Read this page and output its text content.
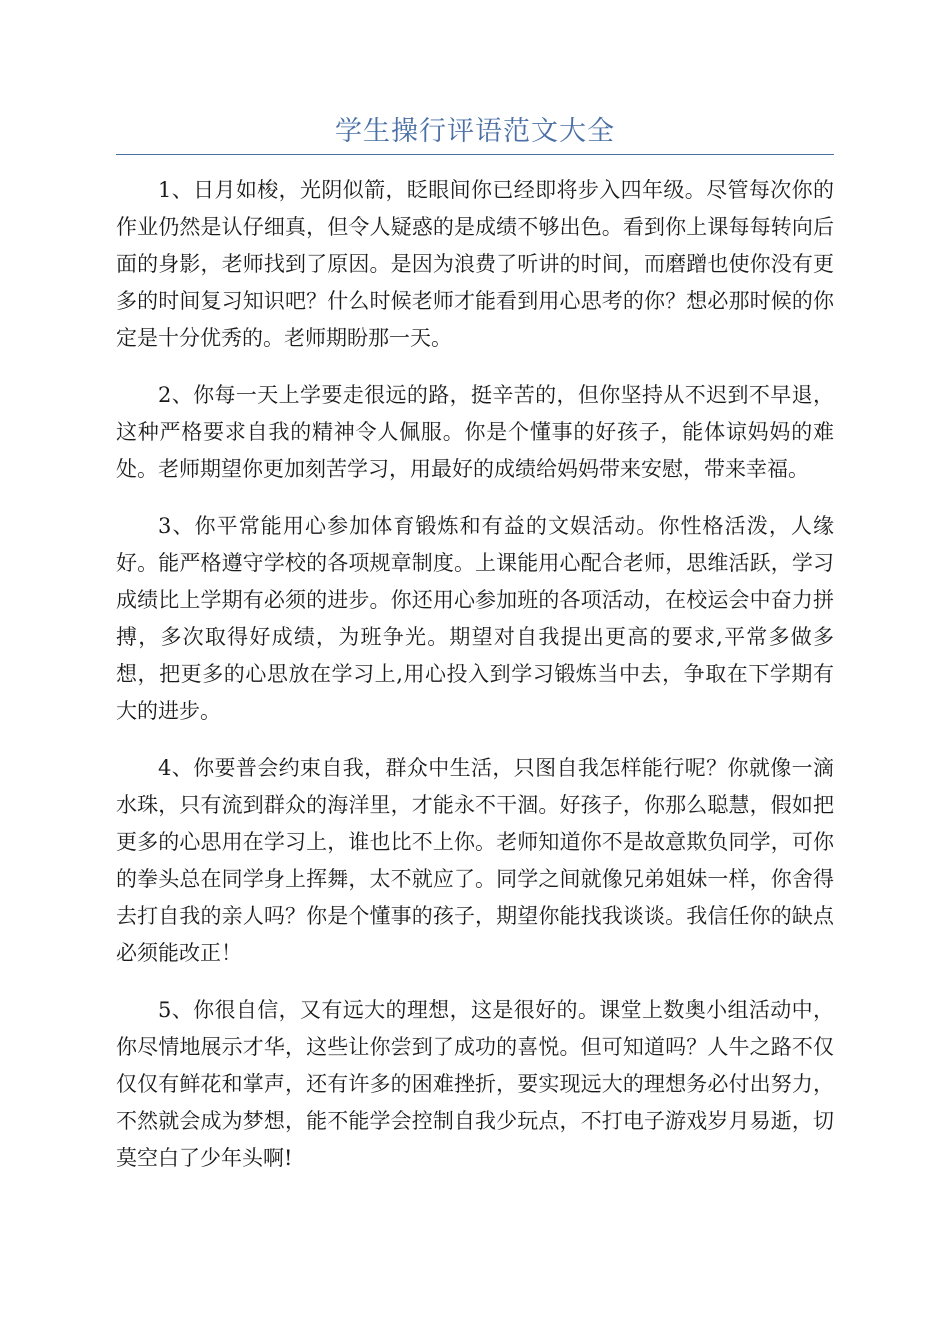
学生操行评语范文大全

1、日月如梭，光阴似箭，眨眼间你已经即将步入四年级。尽管每次你的作业仍然是认仔细真，但令人疑惑的是成绩不够出色。看到你上课每每转向后面的身影，老师找到了原因。是因为浪费了听讲的时间，而磨蹭也使你没有更多的时间复习知识吧？什么时候老师才能看到用心思考的你？想必那时候的你定是十分优秀的。老师期盼那一天。

2、你每一天上学要走很远的路，挺辛苦的，但你坚持从不迟到不早退，这种严格要求自我的精神令人佩服。你是个懂事的好孩子，能体谅妈妈的难处。老师期望你更加刻苦学习，用最好的成绩给妈妈带来安慰，带来幸福。

3、你平常能用心参加体育锻炼和有益的文娱活动。你性格活泼，人缘好。能严格遵守学校的各项规章制度。上课能用心配合老师，思维活跃，学习成绩比上学期有必须的进步。你还用心参加班的各项活动，在校运会中奋力拼搏，多次取得好成绩，为班争光。期望对自我提出更高的要求,平常多做多想，把更多的心思放在学习上,用心投入到学习锻炼当中去，争取在下学期有大的进步。

4、你要普会约束自我，群众中生活，只图自我怎样能行呢？你就像一滴水珠，只有流到群众的海洋里，才能永不干涸。好孩子，你那么聪慧，假如把更多的心思用在学习上，谁也比不上你。老师知道你不是故意欺负同学，可你的拳头总在同学身上挥舞，太不就应了。同学之间就像兄弟姐妹一样，你舍得去打自我的亲人吗？你是个懂事的孩子，期望你能找我谈谈。我信任你的缺点必须能改正！

5、你很自信，又有远大的理想，这是很好的。课堂上数奥小组活动中，你尽情地展示才华，这些让你尝到了成功的喜悦。但可知道吗？人牛之路不仅仅仅有鲜花和掌声，还有许多的困难挫折，要实现远大的理想务必付出努力，不然就会成为梦想，能不能学会控制自我少玩点，不打电子游戏岁月易逝，切莫空白了少年头啊!
